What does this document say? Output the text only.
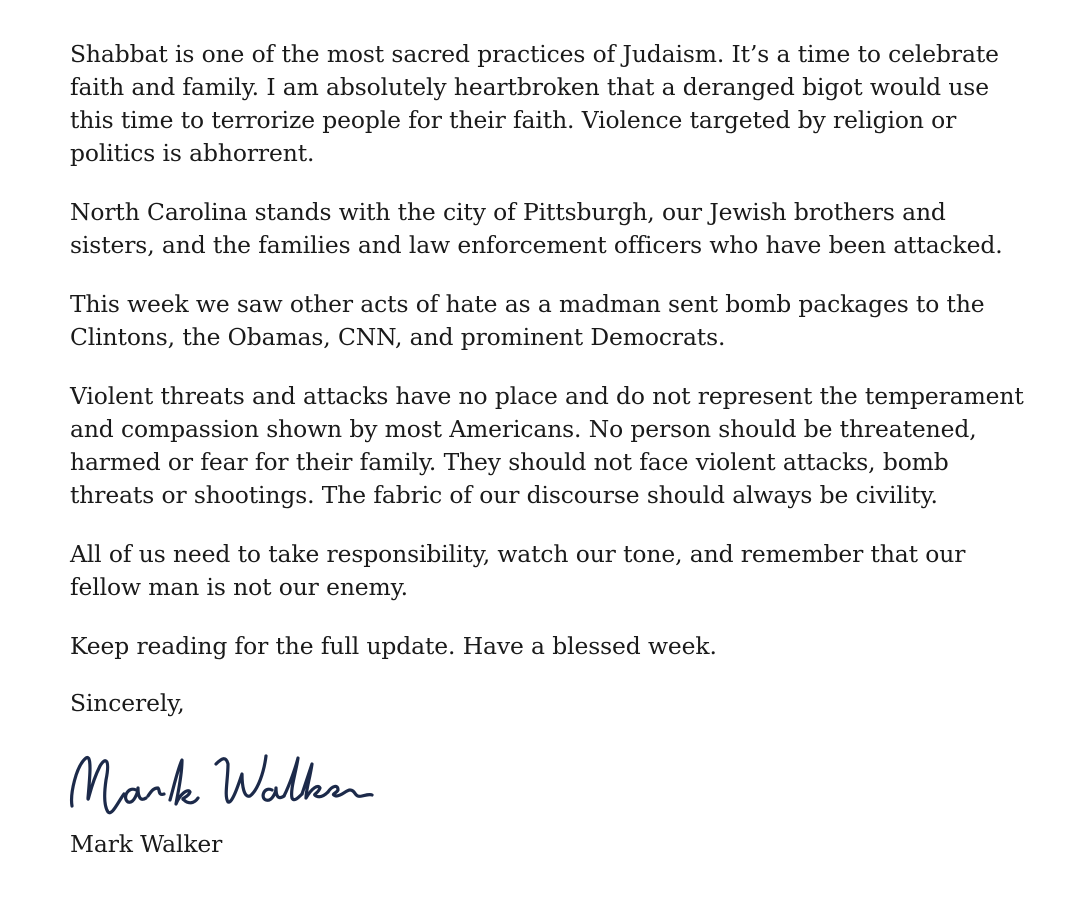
Shabbat is one of the most sacred practices of Judaism. It’s a time to celebrate faith and family. I am absolutely heartbroken that a deranged bigot would use this time to terrorize people for their faith. Violence targeted by religion or politics is abhorrent.

North Carolina stands with the city of Pittsburgh, our Jewish brothers and sisters, and the families and law enforcement officers who have been attacked.

This week we saw other acts of hate as a madman sent bomb packages to the Clintons, the Obamas, CNN, and prominent Democrats.

Violent threats and attacks have no place and do not represent the temperament and compassion shown by most Americans. No person should be threatened, harmed or fear for their family. They should not face violent attacks, bomb threats or shootings. The fabric of our discourse should always be civility.

All of us need to take responsibility, watch our tone, and remember that our fellow man is not our enemy.

Keep reading for the full update. Have a blessed week.

Sincerely,

Mark Walker
